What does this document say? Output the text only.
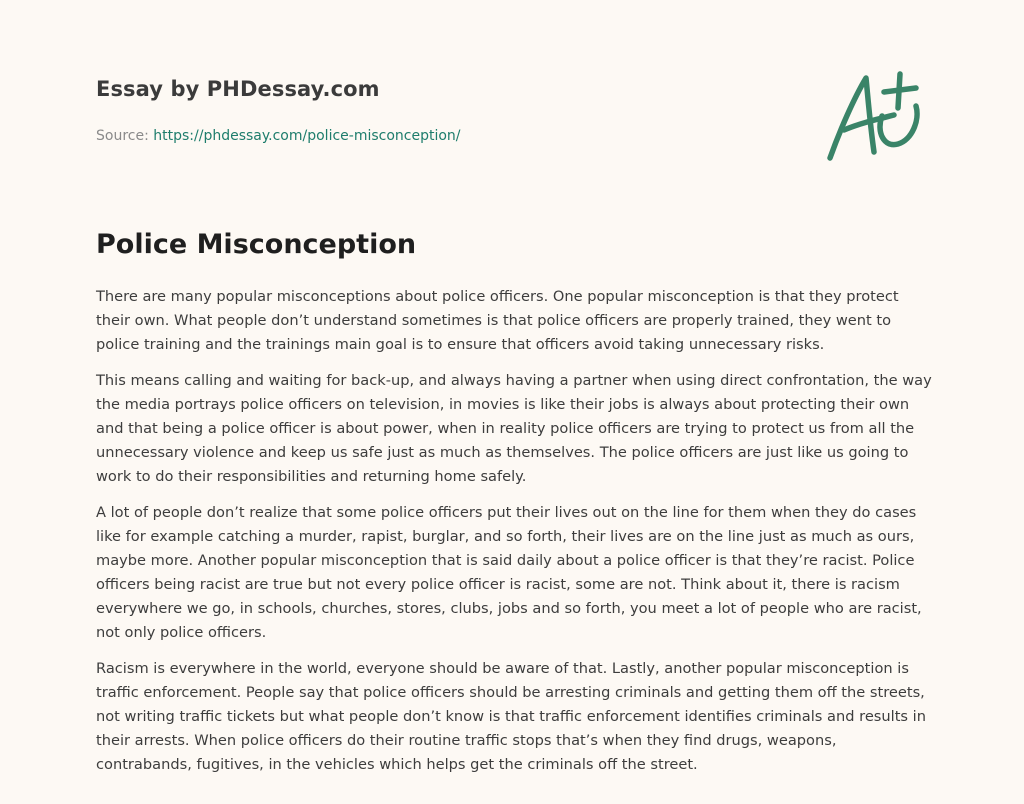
Essay by PHDessay.com
Source: https://phdessay.com/police-misconception/
Police Misconception

There are many popular misconceptions about police officers. One popular misconception is that they protect their own. What people don’t understand sometimes is that police officers are properly trained, they went to police training and the trainings main goal is to ensure that officers avoid taking unnecessary risks.

This means calling and waiting for back-up, and always having a partner when using direct confrontation, the way the media portrays police officers on television, in movies is like their jobs is always about protecting their own and that being a police officer is about power, when in reality police officers are trying to protect us from all the unnecessary violence and keep us safe just as much as themselves. The police officers are just like us going to work to do their responsibilities and returning home safely.

A lot of people don’t realize that some police officers put their lives out on the line for them when they do cases like for example catching a murder, rapist, burglar, and so forth, their lives are on the line just as much as ours, maybe more. Another popular misconception that is said daily about a police officer is that they’re racist. Police officers being racist are true but not every police officer is racist, some are not. Think about it, there is racism everywhere we go, in schools, churches, stores, clubs, jobs and so forth, you meet a lot of people who are racist, not only police officers.

Racism is everywhere in the world, everyone should be aware of that. Lastly, another popular misconception is traffic enforcement. People say that police officers should be arresting criminals and getting them off the streets, not writing traffic tickets but what people don’t know is that traffic enforcement identifies criminals and results in their arrests. When police officers do their routine traffic stops that’s when they find drugs, weapons, contrabands, fugitives, in the vehicles which helps get the criminals off the street.
